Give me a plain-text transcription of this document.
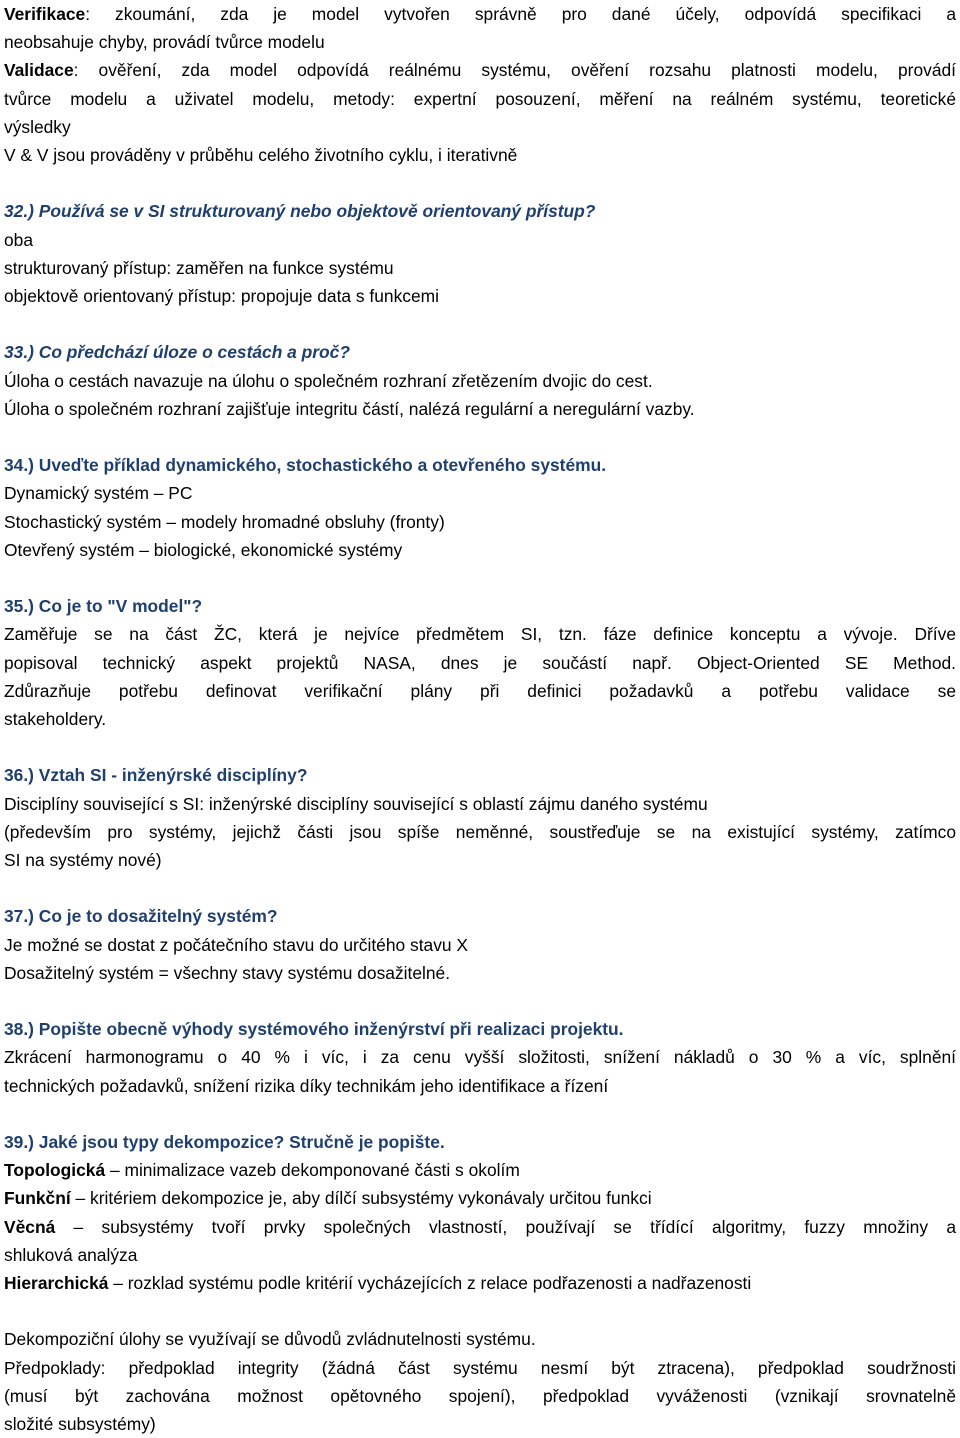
Verifikace: zkoumání, zda je model vytvořen správně pro dané účely, odpovídá specifikaci a

neobsahuje chyby, provádí tvůrce modelu

Validace: ověření, zda model odpovídá reálnému systému, ověření rozsahu platnosti modelu, provádí

tvůrce modelu a uživatel modelu, metody: expertní posouzení, měření na reálném systému, teoretické

výsledky

V & V jsou prováděny v průběhu celého životního cyklu, i iterativně

32.) Používá se v SI strukturovaný nebo objektově orientovaný přístup?

oba

strukturovaný přístup: zaměřen na funkce systému

objektově orientovaný přístup: propojuje data s funkcemi

33.) Co předchází úloze o cestách a proč?

Úloha o cestách navazuje na úlohu o společném rozhraní zřetězením dvojic do cest.

Úloha o společném rozhraní zajišťuje integritu částí, nalézá regulární a neregulární vazby.

34.) Uveďte příklad dynamického, stochastického a otevřeného systému.

Dynamický systém – PC

Stochastický systém – modely hromadné obsluhy (fronty)

Otevřený systém – biologické, ekonomické systémy

35.) Co je to "V model"?

Zaměřuje se na část ŽC, která je nejvíce předmětem SI, tzn. fáze definice konceptu a vývoje. Dříve

popisoval technický aspekt projektů NASA, dnes je součástí např. Object-Oriented SE Method.

Zdůrazňuje potřebu definovat verifikační plány při definici požadavků a potřebu validace se

stakeholdery.

36.) Vztah SI - inženýrské disciplíny?

Disciplíny související s SI: inženýrské disciplíny související s oblastí zájmu daného systému

(především pro systémy, jejichž části jsou spíše neměnné, soustřeďuje se na existující systémy, zatímco

SI na systémy nové)

37.) Co je to dosažitelný systém?

Je možné se dostat z počátečního stavu do určitého stavu X

Dosažitelný systém = všechny stavy systému dosažitelné.

38.) Popište obecně výhody systémového inženýrství při realizaci projektu.

Zkrácení harmonogramu o 40 % i víc, i za cenu vyšší složitosti, snížení nákladů o 30 % a víc, splnění

technických požadavků, snížení rizika díky technikám jeho identifikace a řízení

39.) Jaké jsou typy dekompozice? Stručně je popište.

Topologická – minimalizace vazeb dekomponované části s okolím

Funkční – kritériem dekompozice je, aby dílčí subsystémy vykonávaly určitou funkci

Věcná – subsystémy tvoří prvky společných vlastností, používají se třídící algoritmy, fuzzy množiny a

shluková analýza

Hierarchická – rozklad systému podle kritérií vycházejících z relace podřazenosti a nadřazenosti

Dekompoziční úlohy se využívají se důvodů zvládnutelnosti systému.

Předpoklady: předpoklad integrity (žádná část systému nesmí být ztracena), předpoklad soudržnosti

(musí být zachována možnost opětovného spojení), předpoklad vyváženosti (vznikají srovnatelně

složité subsystémy)
